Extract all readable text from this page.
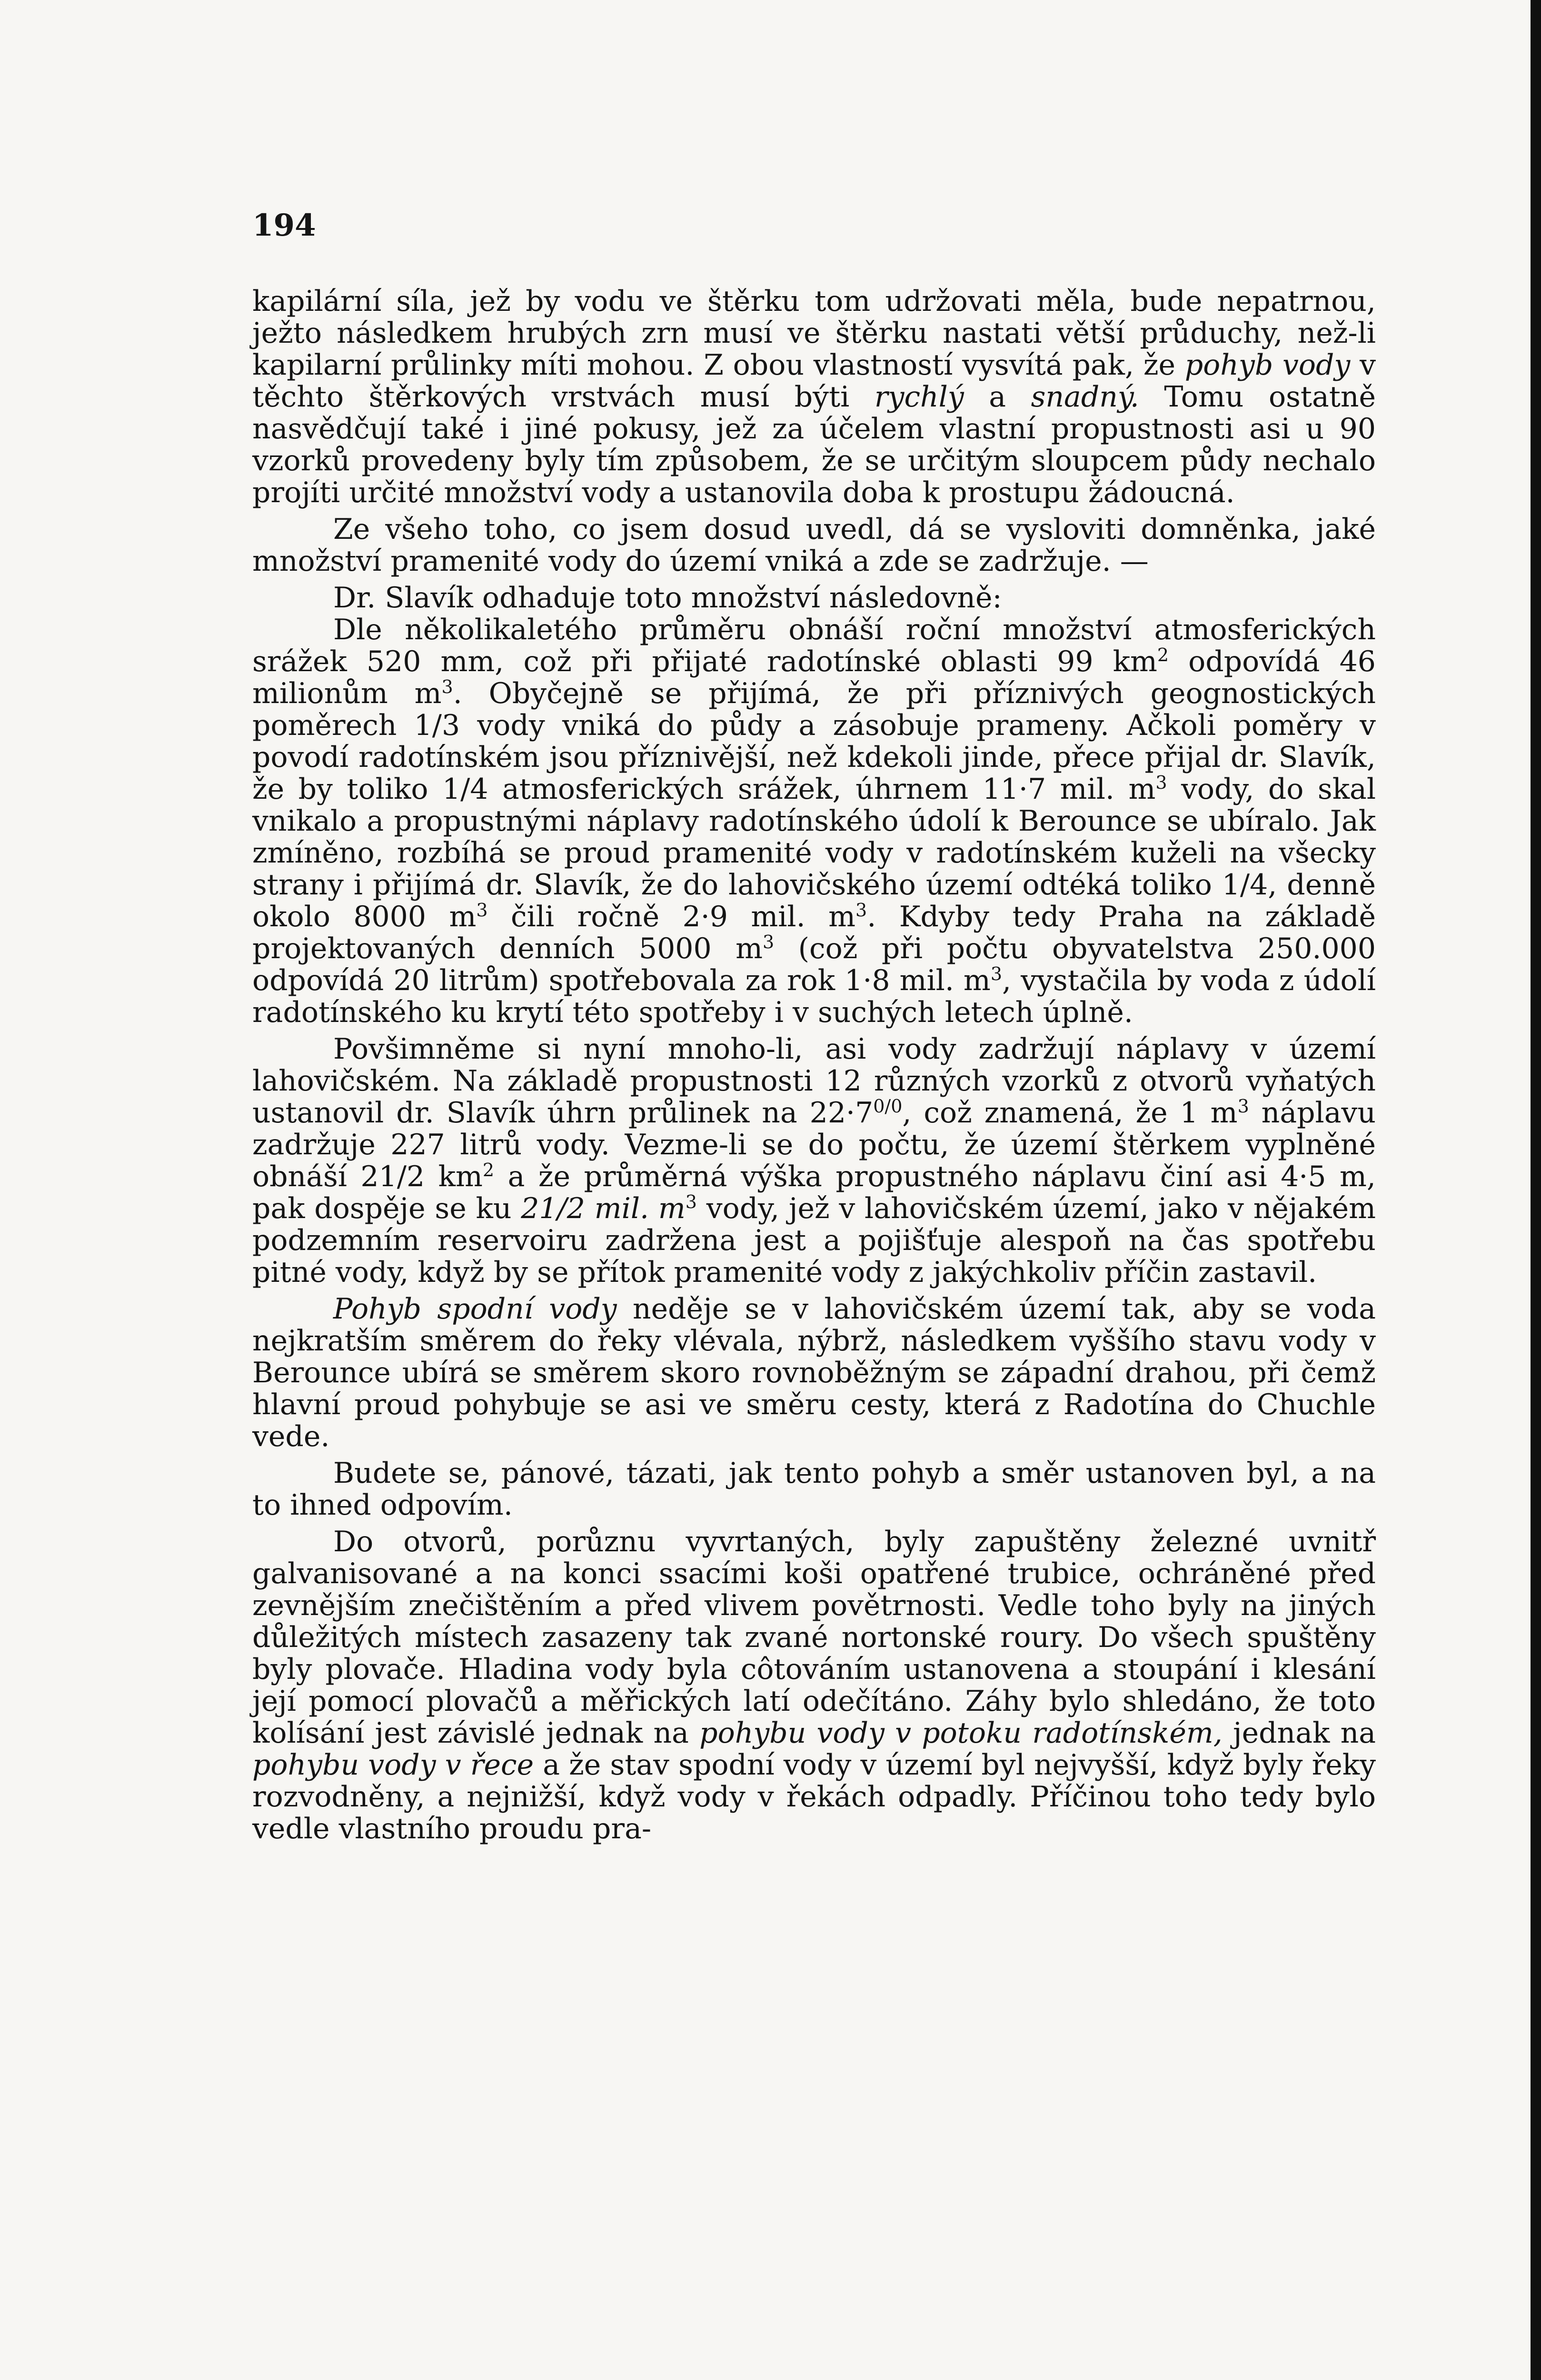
194

kapilární síla, jež by vodu ve štěrku tom udržovati měla, bude nepatrnou, ježto následkem hrubých zrn musí ve štěrku nastati větší průduchy, než-li kapilarní průlinky míti mohou. Z obou vlastností vysvítá pak, že pohyb vody v těchto štěrkových vrstvách musí býti rychlý a snadný. Tomu ostatně nasvědčují také i jiné pokusy, jež za účelem vlastní propustnosti asi u 90 vzorků provedeny byly tím způsobem, že se určitým sloupcem půdy nechalo projíti určité množství vody a ustanovila doba k prostupu žádoucná.

Ze všeho toho, co jsem dosud uvedl, dá se vysloviti domněnka, jaké množství pramenité vody do území vniká a zde se zadržuje. —

Dr. Slavík odhaduje toto množství následovně:

Dle několikaletého průměru obnáší roční množství atmosferických srážek 520 mm, což při přijaté radotínské oblasti 99 $km^2$ odpovídá 46 milionům $m^3$. Obyčejně se přijímá, že při příznivých geognostických poměrech 1/3 vody vniká do půdy a zásobuje prameny. Ačkoli poměry v povodí radotínském jsou příznivější, než kdekoli jinde, přece přijal dr. Slavík, že by toliko 1/4 atmosferických srážek, úhrnem 11·7 mil. $m^3$ vody, do skal vnikalo a propustnými náplavy radotínského údolí k Berounce se ubíralo. Jak zmíněno, rozbíhá se proud pramenité vody v radotínském kuželi na všecky strany i přijímá dr. Slavík, že do lahovičského území odtéká toliko 1/4, denně okolo 8000 $m^3$ čili ročně 2·9 mil. $m^3$. Kdyby tedy Praha na základě projektovaných denních 5000 $m^3$ (což při počtu obyvatelstva 250.000 odpovídá 20 litrům) spotřebovala za rok 1·8 mil. $m^3$, vystačila by voda z údolí radotínského ku krytí této spotřeby i v suchých letech úplně.

Povšimněme si nyní mnoho-li, asi vody zadržují náplavy v území lahovičském. Na základě propustnosti 12 různých vzorků z otvorů vyňatých ustanovil dr. Slavík úhrn průlinek na $22\cdot 7^{0/0}$, což znamená, že 1 $m^3$ náplavu zadržuje 227 litrů vody. Vezme-li se do počtu, že území štěrkem vyplněné obnáší 21/2 $km^2$ a že průměrná výška propustného náplavu činí asi 4·5 m, pak dospěje se ku 21/2 mil. $m^3$ vody, jež v lahovičském území, jako v nějakém podzemním reservoiru zadržena jest a pojišťuje alespoň na čas spotřebu pitné vody, když by se přítok pramenité vody z jakýchkoliv příčin zastavil.

Pohyb spodní vody neděje se v lahovičském území tak, aby se voda nejkratším směrem do řeky vlévala, nýbrž, následkem vyššího stavu vody v Berounce ubírá se směrem skoro rovnoběžným se západní drahou, při čemž hlavní proud pohybuje se asi ve směru cesty, která z Radotína do Chuchle vede.

Budete se, pánové, tázati, jak tento pohyb a směr ustanoven byl, a na to ihned odpovím.

Do otvorů, porůznu vyvrtaných, byly zapuštěny železné uvnitř galvanisované a na konci ssacími koši opatřené trubice, ochráněné před zevnějším znečištěním a před vlivem povětrnosti. Vedle toho byly na jiných důležitých místech zasazeny tak zvané nortonské roury. Do všech spuštěny byly plovače. Hladina vody byla côtováním ustanovena a stoupání i klesání její pomocí plovačů a měřických latí odečítáno. Záhy bylo shledáno, že toto kolísání jest závislé jednak na pohybu vody v potoku radotínském, jednak na pohybu vody v řece a že stav spodní vody v území byl nejvyšší, když byly řeky rozvodněny, a nejnižší, když vody v řekách odpadly. Příčinou toho tedy bylo vedle vlastního proudu pra-
